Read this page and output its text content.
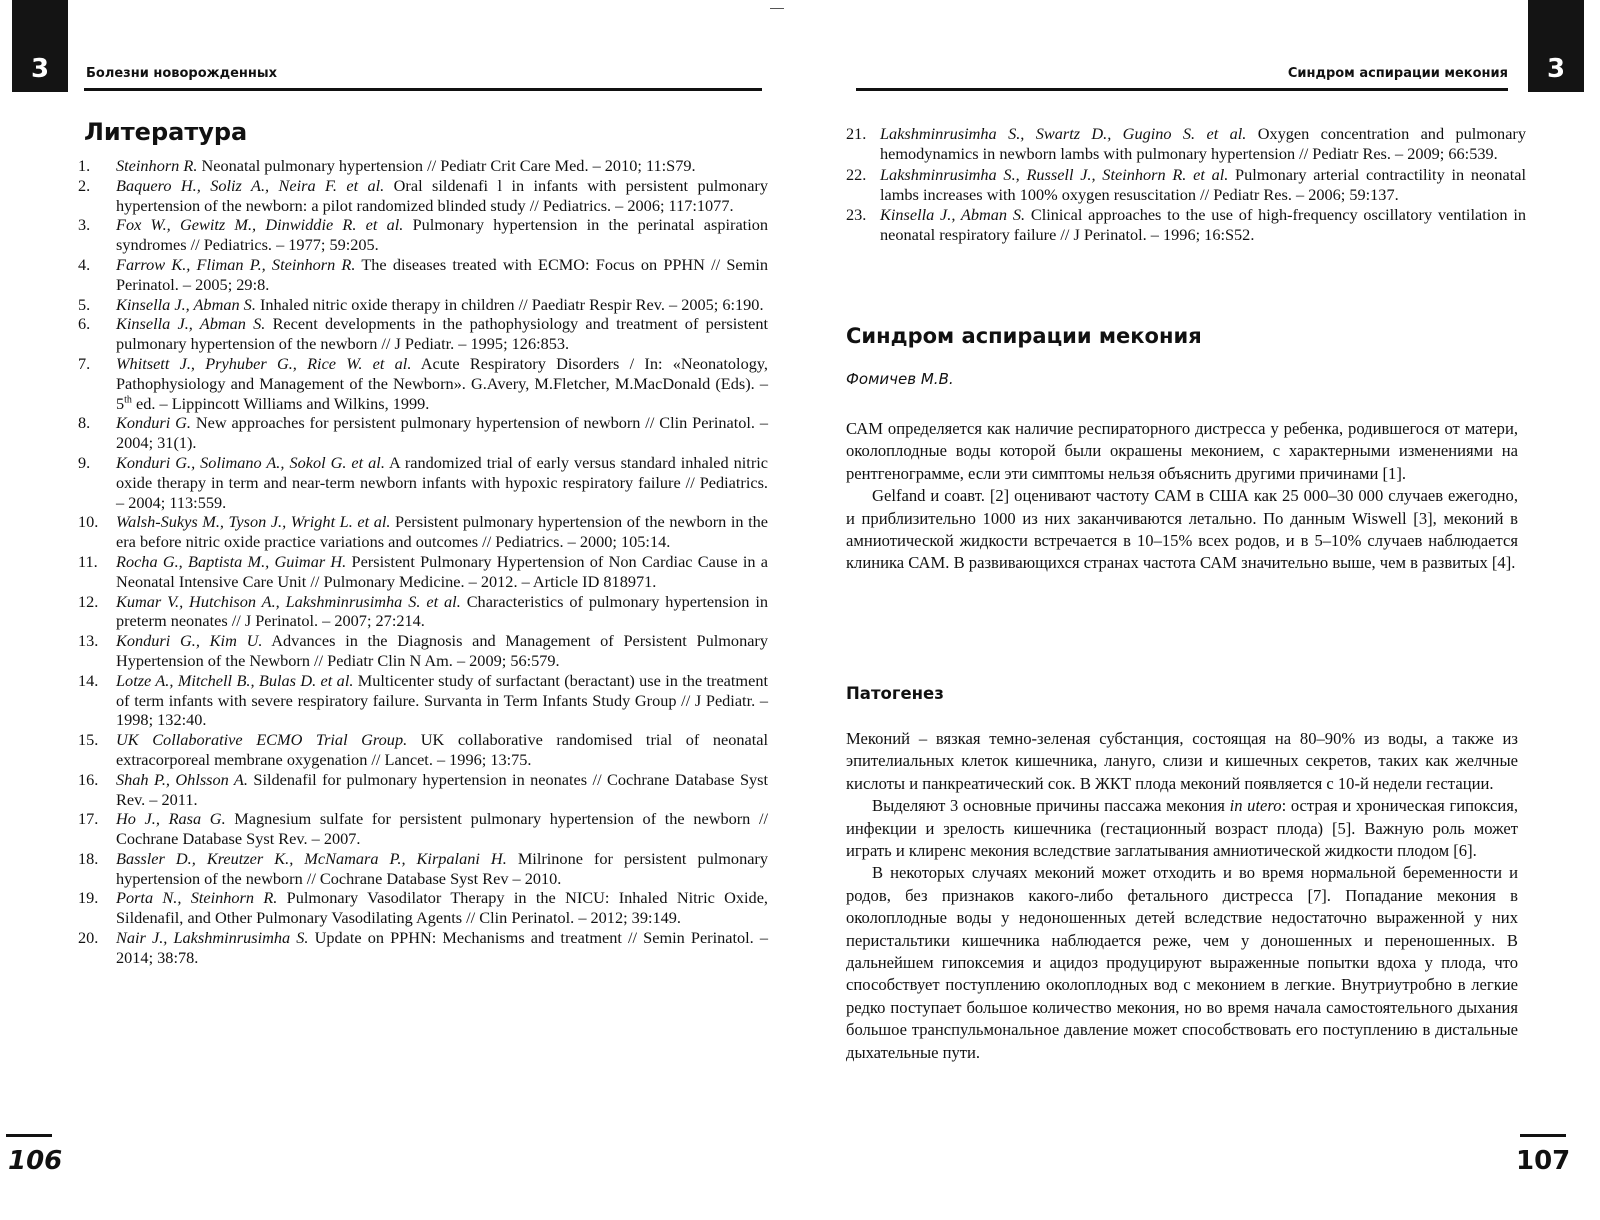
3	Болезни новорожденных
Литература
1.	Steinhorn R. Neonatal pulmonary hypertension // Pediatr Crit Care Med. – 2010; 11:S79.
2.	Baquero H., Soliz A., Neira F. et al. Oral sildenafi l in infants with persistent pulmonary hypertension of the newborn: a pilot randomized blinded study // Pediatrics. – 2006; 117:1077.
3.	Fox W., Gewitz M., Dinwiddie R. et al. Pulmonary hypertension in the perinatal aspiration syndromes // Pediatrics. – 1977; 59:205.
4.	Farrow K., Fliman P., Steinhorn R. The diseases treated with ECMO: Focus on PPHN // Semin Perinatol. – 2005; 29:8.
5.	Kinsella J., Abman S. Inhaled nitric oxide therapy in children // Paediatr Respir Rev. – 2005; 6:190.
6.	Kinsella J., Abman S. Recent developments in the pathophysiology and treatment of persistent pulmonary hypertension of the newborn // J Pediatr. – 1995; 126:853.
7.	Whitsett J., Pryhuber G., Rice W. et al. Acute Respiratory Disorders / In: «Neonatology, Pathophysiology and Management of the Newborn». G.Avery, M.Fletcher, M.MacDonald (Eds). – 5th ed. – Lippincott Williams and Wilkins, 1999.
8.	Konduri G. New approaches for persistent pulmonary hypertension of newborn // Clin Perinatol. – 2004; 31(1).
9.	Konduri G., Solimano A., Sokol G. et al. A randomized trial of early versus standard inhaled nitric oxide therapy in term and near-term newborn infants with hypoxic respiratory failure // Pediatrics. – 2004; 113:559.
10.	Walsh-Sukys M., Tyson J., Wright L. et al. Persistent pulmonary hypertension of the newborn in the era before nitric oxide practice variations and outcomes // Pediatrics. – 2000; 105:14.
11.	Rocha G., Baptista M., Guimar H. Persistent Pulmonary Hypertension of Non Cardiac Cause in a Neonatal Intensive Care Unit // Pulmonary Medicine. – 2012. – Article ID 818971.
12.	Kumar V., Hutchison A., Lakshminrusimha S. et al. Characteristics of pulmonary hypertension in preterm neonates // J Perinatol. – 2007; 27:214.
13.	Konduri G., Kim U. Advances in the Diagnosis and Management of Persistent Pulmonary Hypertension of the Newborn // Pediatr Clin N Am. – 2009; 56:579.
14.	Lotze A., Mitchell B., Bulas D. et al. Multicenter study of surfactant (beractant) use in the treatment of term infants with severe respiratory failure. Survanta in Term Infants Study Group // J Pediatr. – 1998; 132:40.
15.	UK Collaborative ECMO Trial Group. UK collaborative randomised trial of neonatal extracorporeal membrane oxygenation // Lancet. – 1996; 13:75.
16.	Shah P., Ohlsson A. Sildenafil for pulmonary hypertension in neonates // Cochrane Database Syst Rev. – 2011.
17.	Ho J., Rasa G. Magnesium sulfate for persistent pulmonary hypertension of the newborn // Cochrane Database Syst Rev. – 2007.
18.	Bassler D., Kreutzer K., McNamara P., Kirpalani H. Milrinone for persistent pulmonary hypertension of the newborn // Cochrane Database Syst Rev – 2010.
19.	Porta N., Steinhorn R. Pulmonary Vasodilator Therapy in the NICU: Inhaled Nitric Oxide, Sildenafil, and Other Pulmonary Vasodilating Agents // Clin Perinatol. – 2012; 39:149.
20.	Nair J., Lakshminrusimha S. Update on PPHN: Mechanisms and treatment // Semin Perinatol. – 2014; 38:78.
106
Синдром аспирации мекония	3
21. Lakshminrusimha S., Swartz D., Gugino S. et al. Oxygen concentration and pulmonary hemodynamics in newborn lambs with pulmonary hypertension // Pediatr Res. – 2009; 66:539.
22. Lakshminrusimha S., Russell J., Steinhorn R. et al. Pulmonary arterial contractility in neonatal lambs increases with 100% oxygen resuscitation // Pediatr Res. – 2006; 59:137.
23. Kinsella J., Abman S. Clinical approaches to the use of high-frequency oscillatory ventilation in neonatal respiratory failure // J Perinatol. – 1996; 16:S52.
Синдром аспирации мекония

Фомичев М.В.

САМ определяется как наличие респираторного дистресса у ребенка, родившегося от матери, околоплодные воды которой были окрашены меконием, с характерными изменениями на рентгенограмме, если эти симптомы нельзя объяснить другими причинами [1].

Gelfand и соавт. [2] оценивают частоту САМ в США как 25 000–30 000 случаев ежегодно, и приблизительно 1000 из них заканчиваются летально. По данным Wiswell [3], меконий в амниотической жидкости встречается в 10–15% всех родов, и в 5–10% случаев наблюдается клиника САМ. В развивающихся странах частота САМ значительно выше, чем в развитых [4].

Патогенез

Меконий – вязкая темно-зеленая субстанция, состоящая на 80–90% из воды, а также из эпителиальных клеток кишечника, лануго, слизи и кишечных секретов, таких как желчные кислоты и панкреатический сок. В ЖКТ плода меконий появляется с 10-й недели гестации.

Выделяют 3 основные причины пассажа мекония in utero: острая и хроническая гипоксия, инфекции и зрелость кишечника (гестационный возраст плода) [5]. Важную роль может играть и клиренс мекония вследствие заглатывания амниотической жидкости плодом [6].

В некоторых случаях меконий может отходить и во время нормальной беременности и родов, без признаков какого-либо фетального дистресса [7]. Попадание мекония в околоплодные воды у недоношенных детей вследствие недостаточно выраженной у них перистальтики кишечника наблюдается реже, чем у доношенных и переношенных. В дальнейшем гипоксемия и ацидоз продуцируют выраженные попытки вдоха у плода, что способствует поступлению околоплодных вод с меконием в легкие. Внутриутробно в легкие редко поступает большое количество мекония, но во время начала самостоятельного дыхания большое транспульмональное давление может способствовать его поступлению в дистальные дыхательные пути.

107
